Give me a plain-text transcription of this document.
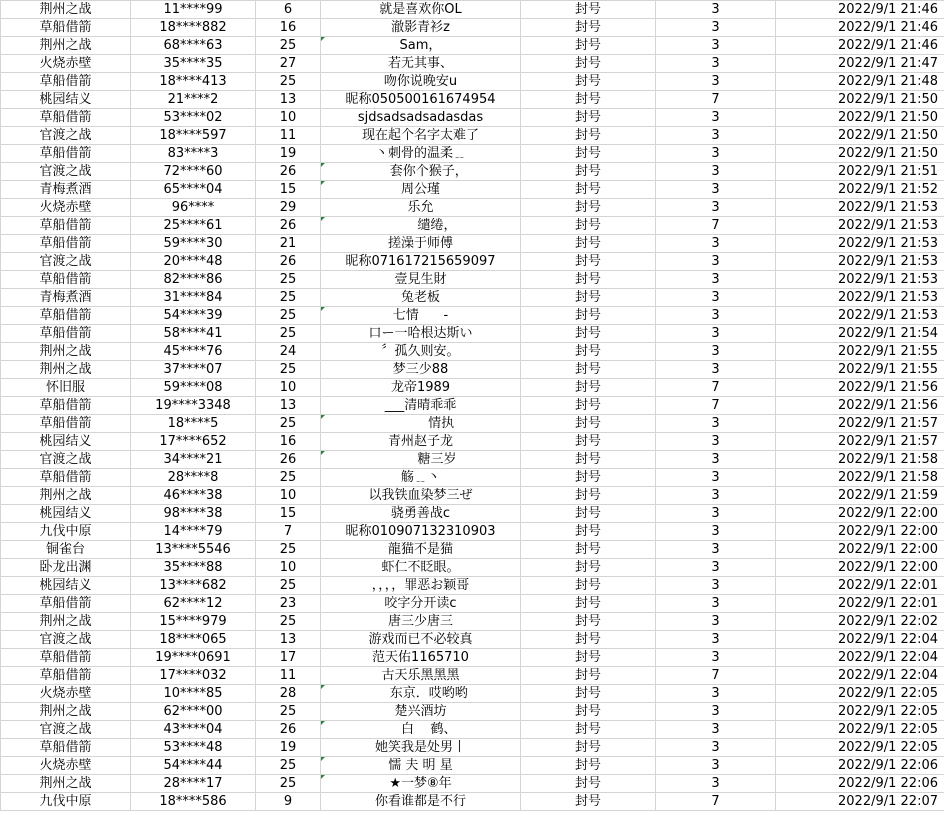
荆州之战	11****99	6	就是喜欢你OL	封号	3	2022/9/1 21:46
草船借箭	18****882	16	澈影青衫z	封号	3	2022/9/1 21:46
荆州之战	68****63	25	Sam，	封号	3	2022/9/1 21:46
火烧赤壁	35****35	27	若无其事、	封号	3	2022/9/1 21:47
草船借箭	18****413	25	吻你说晚安u	封号	3	2022/9/1 21:48
桃园结义	21****2	13	昵称050500161674954	封号	7	2022/9/1 21:50
草船借箭	53****02	10	sjdsadsadsadasdas	封号	3	2022/9/1 21:50
官渡之战	18****597	11	现在起个名字太难了	封号	3	2022/9/1 21:50
草船借箭	83****3	19	丶刺骨的温柔﹎	封号	3	2022/9/1 21:50
官渡之战	72****60	26	套你个猴子，	封号	3	2022/9/1 21:51
青梅煮酒	65****04	15	周公瑾	封号	3	2022/9/1 21:52
火烧赤壁	96****	29	乐允	封号	3	2022/9/1 21:53
草船借箭	25****61	26	缱绻，	封号	7	2022/9/1 21:53
草船借箭	59****30	21	搓澡于师傅	封号	3	2022/9/1 21:53
官渡之战	20****48	26	昵称071617215659097	封号	3	2022/9/1 21:53
草船借箭	82****86	25	壹見生財	封号	3	2022/9/1 21:53
青梅煮酒	31****84	25	兔老板	封号	3	2022/9/1 21:53
草船借箭	54****39	25	七情      -	封号	3	2022/9/1 21:53
草船借箭	58****41	25	口ー一哈根达斯い	封号	3	2022/9/1 21:54
荆州之战	45****76	24	〞孤久则安。	封号	3	2022/9/1 21:55
荆州之战	37****07	25	梦三少88	封号	3	2022/9/1 21:55
怀旧服	59****08	10	龙帝1989	封号	7	2022/9/1 21:56
草船借箭	19****3348	13	___清晴乖乖	封号	7	2022/9/1 21:56
草船借箭	18****5	25	情执	封号	3	2022/9/1 21:57
桃园结义	17****652	16	青州赵子龙	封号	3	2022/9/1 21:57
官渡之战	34****21	26	糖三岁	封号	3	2022/9/1 21:58
草船借箭	28****8	25	觞﹎丶	封号	3	2022/9/1 21:58
荆州之战	46****38	10	以我铁血染梦三ぜ	封号	3	2022/9/1 21:59
桃园结义	98****38	15	骁勇善战c	封号	3	2022/9/1 22:00
九伐中原	14****79	7	昵称010907132310903	封号	3	2022/9/1 22:00
铜雀台	13****5546	25	龍猫不是猫	封号	3	2022/9/1 22:00
卧龙出渊	35****88	10	虾仁不眨眼。	封号	3	2022/9/1 22:00
桃园结义	13****682	25	，，，，罪恶お颖哥	封号	3	2022/9/1 22:01
草船借箭	62****12	23	咬字分开读c	封号	3	2022/9/1 22:01
荆州之战	15****979	25	唐三少唐三	封号	3	2022/9/1 22:02
官渡之战	18****065	13	游戏而已不必较真	封号	3	2022/9/1 22:04
草船借箭	19****0691	17	范天佑1165710	封号	3	2022/9/1 22:04
草船借箭	17****032	11	古天乐黑黑黑	封号	7	2022/9/1 22:04
火烧赤壁	10****85	28	东京．哎哟哟	封号	3	2022/9/1 22:05
荆州之战	62****00	25	楚兴酒坊	封号	3	2022/9/1 22:05
官渡之战	43****04	26	白    鹤、	封号	3	2022/9/1 22:05
草船借箭	53****48	19	她笑我是处男丨	封号	3	2022/9/1 22:05
火烧赤壁	54****44	25	懦 夫 明 星	封号	3	2022/9/1 22:06
荆州之战	28****17	25	★一梦⑧年	封号	3	2022/9/1 22:06
九伐中原	18****586	9	你看谁都是不行	封号	7	2022/9/1 22:07
